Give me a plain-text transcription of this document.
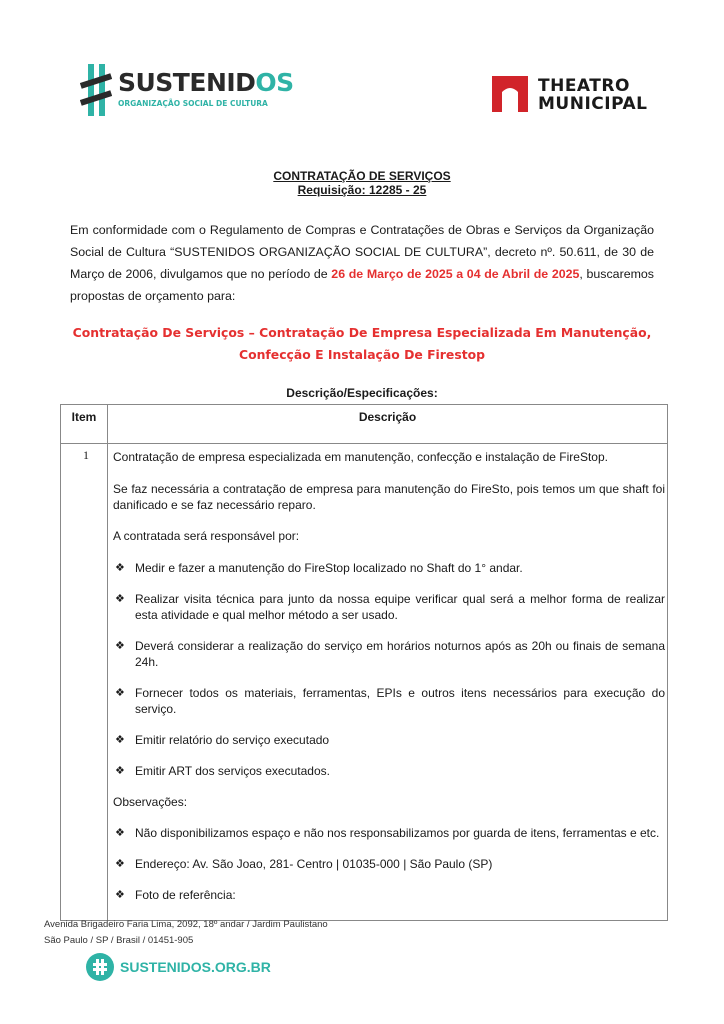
SUSTENIDOS
ORGANIZAÇÃO SOCIAL DE CULTURA
THEATRO
MUNICIPAL
CONTRATAÇÃO DE SERVIÇOS
Requisição: 12285 - 25
Em conformidade com o Regulamento de Compras e Contratações de Obras e Serviços da Organização Social de Cultura “SUSTENIDOS ORGANIZAÇÃO SOCIAL DE CULTURA”, decreto nº. 50.611, de 30 de Março de 2006, divulgamos que no período de 26 de Março de 2025 a 04 de Abril de 2025, buscaremos propostas de orçamento para:
Contratação De Serviços – Contratação De Empresa Especializada Em Manutenção, Confecção E Instalação De Firestop
Descrição/Especificações:
Item	Descrição
1	Contratação de empresa especializada em manutenção, confecção e instalação de FireStop.

Se faz necessária a contratação de empresa para manutenção do FireSto, pois temos um que shaft foi danificado e se faz necessário reparo.

A contratada será responsável por:

❖ Medir e fazer a manutenção do FireStop localizado no Shaft do 1° andar.
❖ Realizar visita técnica para junto da nossa equipe verificar qual será a melhor forma de realizar esta atividade e qual melhor método a ser usado.
❖ Deverá considerar a realização do serviço em horários noturnos após as 20h ou finais de semana 24h.
❖ Fornecer todos os materiais, ferramentas, EPIs e outros itens necessários para execução do serviço.
❖ Emitir relatório do serviço executado
❖ Emitir ART dos serviços executados.

Observações:

❖ Não disponibilizamos espaço e não nos responsabilizamos por guarda de itens, ferramentas e etc.
❖ Endereço: Av. São Joao, 281- Centro | 01035-000 | São Paulo (SP)
❖ Foto de referência:
Avenida Brigadeiro Faria Lima, 2092, 18º andar / Jardim Paulistano
São Paulo / SP / Brasil / 01451-905
SUSTENIDOS.ORG.BR
